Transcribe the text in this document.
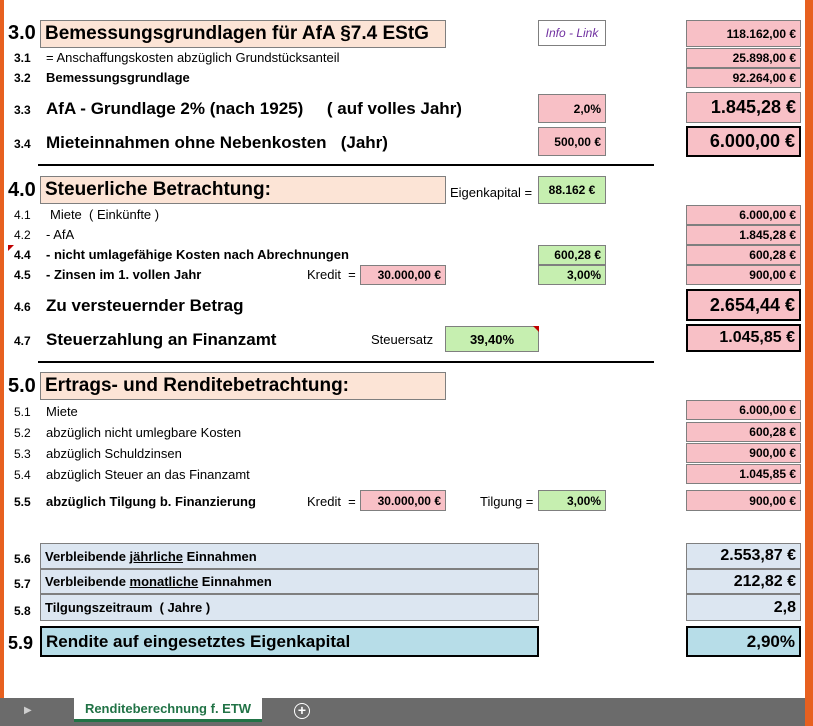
3.0 Bemessungsgrundlagen für AfA §7.4 EStG	Info - Link	118.162,00 €
3.1 = Anschaffungskosten abzüglich Grundstücksanteil	25.898,00 €
3.2 Bemessungsgrundlage	92.264,00 €
3.3 AfA - Grundlage 2% (nach 1925)     ( auf volles Jahr)	2,0%	1.845,28 €
3.4 Mieteinnahmen ohne Nebenkosten   (Jahr)	500,00 €	6.000,00 €
4.0 Steuerliche Betrachtung:	Eigenkapital =	88.162 €
4.1 Miete  ( Einkünfte )	6.000,00 €
4.2 - AfA	1.845,28 €
4.4 - nicht umlagefähige Kosten nach Abrechnungen	600,28 €	600,28 €
4.5 - Zinsen im 1. vollen Jahr	Kredit  =	30.000,00 €	3,00%	900,00 €
4.6 Zu versteuernder Betrag	2.654,44 €
4.7 Steuerzahlung an Finanzamt	Steuersatz	39,40%	1.045,85 €
5.0 Ertrags- und Renditebetrachtung:
5.1 Miete	6.000,00 €
5.2 abzüglich nicht umlegbare Kosten	600,28 €
5.3 abzüglich Schuldzinsen	900,00 €
5.4 abzüglich Steuer an das Finanzamt	1.045,85 €
5.5 abzüglich Tilgung b. Finanzierung	Kredit  =	30.000,00 €	Tilgung =	3,00%	900,00 €
5.6 Verbleibende jährliche Einnahmen	2.553,87 €
5.7 Verbleibende monatliche Einnahmen	212,82 €
5.8	Tilgungszeitraum  ( Jahre )	2,8
5.9 Rendite auf eingesetztes Eigenkapital	2,90%
▶	Renditeberechnung f. ETW	+
